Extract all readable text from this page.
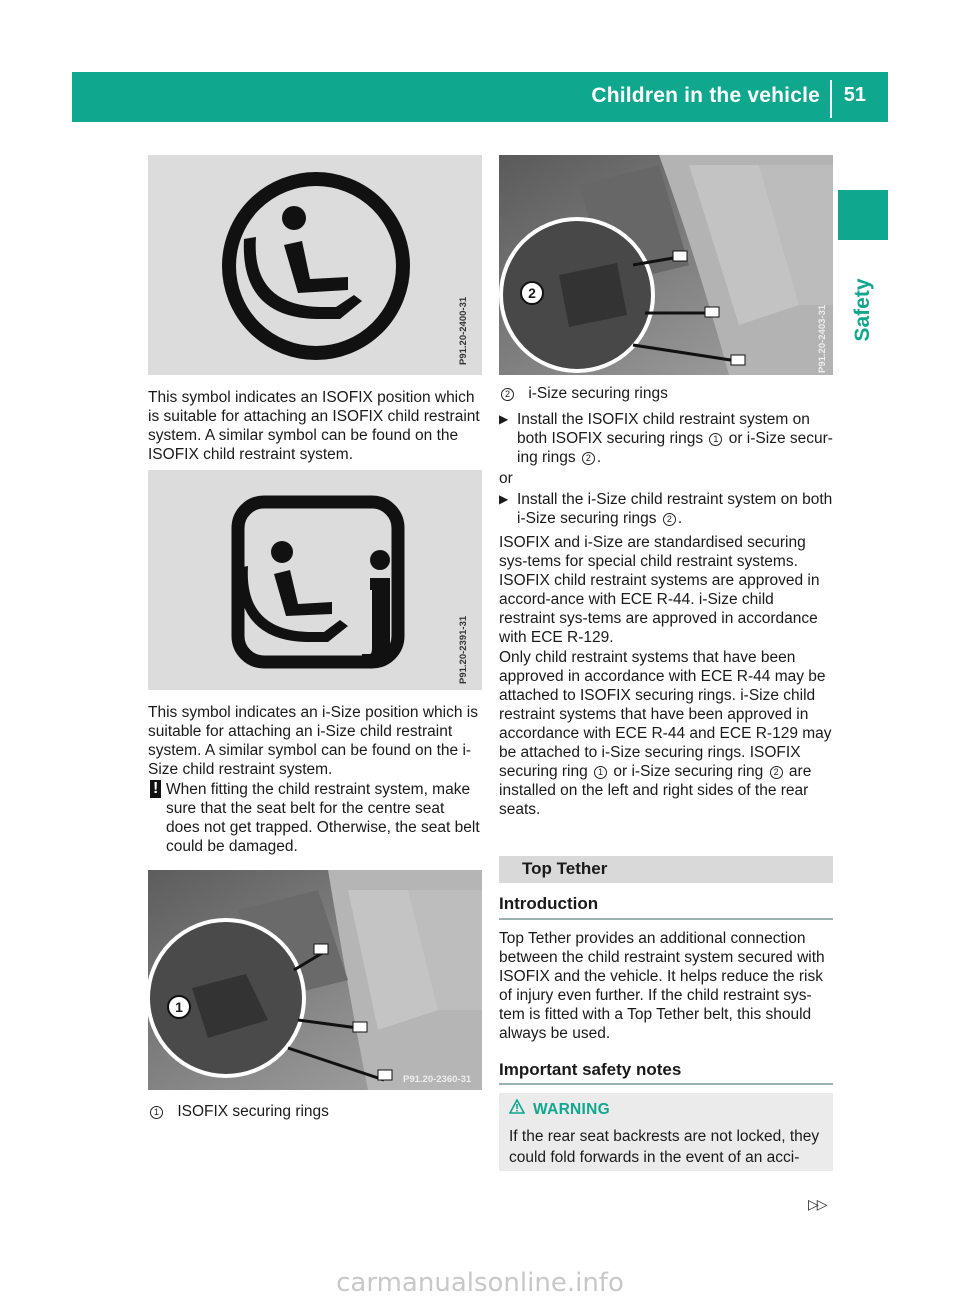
Children in the vehicle 51
Safety
P91.20-2400-31
This symbol indicates an ISOFIX position which is suitable for attaching an ISOFIX child restraint system. A similar symbol can be found on the ISOFIX child restraint system.
P91.20-2391-31
This symbol indicates an i-Size position which is suitable for attaching an i-Size child restraint system. A similar symbol can be found on the i-Size child restraint system.
! When fitting the child restraint system, make sure that the seat belt for the centre seat does not get trapped. Otherwise, the seat belt could be damaged.
1
P91.20-2360-31
1 ISOFIX securing rings
2
P91.20-2403-31
2 i-Size securing rings
▶ Install the ISOFIX child restraint system on both ISOFIX securing rings 1 or i-Size secur-ing rings 2 .
or
▶ Install the i-Size child restraint system on both i-Size securing rings 2 .
ISOFIX and i-Size are standardised securing sys-tems for special child restraint systems. ISOFIX child restraint systems are approved in accord-ance with ECE R-44. i-Size child restraint sys-tems are approved in accordance with ECE R-129.
Only child restraint systems that have been approved in accordance with ECE R-44 may be attached to ISOFIX securing rings. i-Size child restraint systems that have been approved in accordance with ECE R-44 and ECE R-129 may be attached to i-Size securing rings. ISOFIX securing ring 1 or i-Size securing ring 2 are installed on the left and right sides of the rear seats.
Top Tether
Introduction
Top Tether provides an additional connection between the child restraint system secured with ISOFIX and the vehicle. It helps reduce the risk of injury even further. If the child restraint sys-tem is fitted with a Top Tether belt, this should always be used.
Important safety notes
WARNING
If the rear seat backrests are not locked, they could fold forwards in the event of an acci-
▷▷
carmanualsonline.info
